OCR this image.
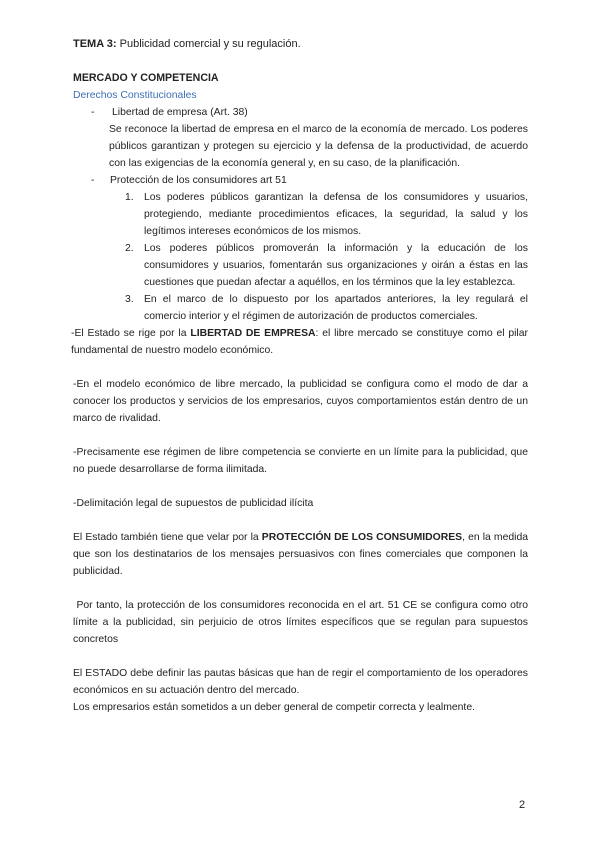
TEMA 3: Publicidad comercial y su regulación.
MERCADO Y COMPETENCIA
Derechos Constitucionales
-	Libertad de empresa (Art. 38)
Se reconoce la libertad de empresa en el marco de la economía de mercado. Los poderes públicos garantizan y protegen su ejercicio y la defensa de la productividad, de acuerdo con las exigencias de la economía general y, en su caso, de la planificación.
-	Protección de los consumidores art 51
1. Los poderes públicos garantizan la defensa de los consumidores y usuarios, protegiendo, mediante procedimientos eficaces, la seguridad, la salud y los legítimos intereses económicos de los mismos.
2. Los poderes públicos promoverán la información y la educación de los consumidores y usuarios, fomentarán sus organizaciones y oirán a éstas en las cuestiones que puedan afectar a aquéllos, en los términos que la ley establezca.
3. En el marco de lo dispuesto por los apartados anteriores, la ley regulará el comercio interior y el régimen de autorización de productos comerciales.
-El Estado se rige por la LIBERTAD DE EMPRESA: el libre mercado se constituye como el pilar fundamental de nuestro modelo económico.
-En el modelo económico de libre mercado, la publicidad se configura como el modo de dar a conocer los productos y servicios de los empresarios, cuyos comportamientos están dentro de un marco de rivalidad.
-Precisamente ese régimen de libre competencia se convierte en un límite para la publicidad, que no puede desarrollarse de forma ilimitada.
-Delimitación legal de supuestos de publicidad ilícita
El Estado también tiene que velar por la PROTECCIÓN DE LOS CONSUMIDORES, en la medida que son los destinatarios de los mensajes persuasivos con fines comerciales que componen la publicidad.
Por tanto, la protección de los consumidores reconocida en el art. 51 CE se configura como otro límite a la publicidad, sin perjuicio de otros límites específicos que se regulan para supuestos concretos
El ESTADO debe definir las pautas básicas que han de regir el comportamiento de los operadores económicos en su actuación dentro del mercado.
Los empresarios están sometidos a un deber general de competir correcta y lealmente.
2
